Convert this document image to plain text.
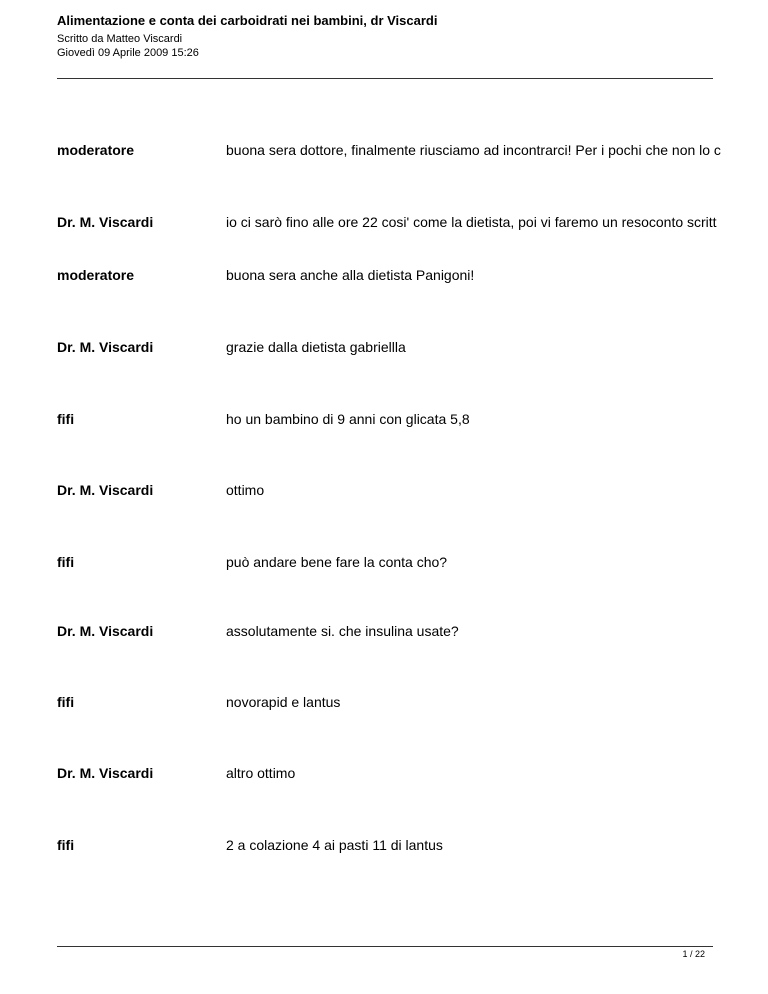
Alimentazione e conta dei carboidrati nei bambini, dr Viscardi
Scritto da Matteo Viscardi
Giovedì 09 Aprile 2009 15:26
moderatore	buona sera dottore, finalmente riusciamo ad incontrarci! Per i pochi che non lo c
Dr. M. Viscardi	io ci sarò fino alle ore 22 cosi' come la dietista, poi vi faremo un resoconto scritt
moderatore	buona sera anche alla dietista Panigoni!
Dr. M. Viscardi	grazie dalla dietista gabriellla
fifi	ho un bambino di 9 anni con glicata 5,8
Dr. M. Viscardi	ottimo
fifi	può andare bene fare la conta cho?
Dr. M. Viscardi	assolutamente si. che insulina usate?
fifi	novorapid e lantus
Dr. M. Viscardi	altro ottimo
fifi	2 a colazione 4 ai pasti 11 di lantus
1 / 22
